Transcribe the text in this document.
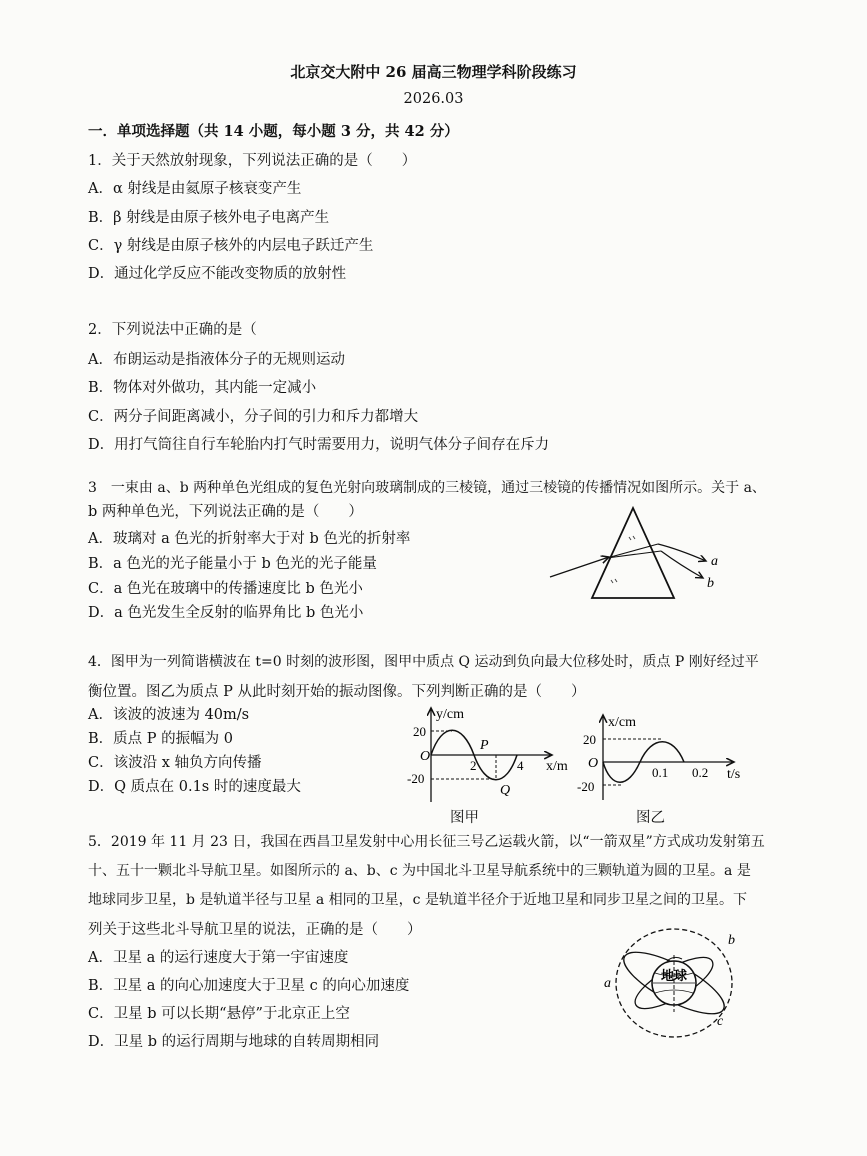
北京交大附中 26 届高三物理学科阶段练习
2026.03
一．单项选择题（共 14 小题，每小题 3 分，共 42 分）
1．关于天然放射现象，下列说法正确的是（　　）
A．α 射线是由氦原子核衰变产生
B．β 射线是由原子核外电子电离产生
C．γ 射线是由原子核外的内层电子跃迁产生
D．通过化学反应不能改变物质的放射性
2．下列说法中正确的是（
A．布朗运动是指液体分子的无规则运动
B．物体对外做功，其内能一定减小
C．两分子间距离减小，分子间的引力和斥力都增大
D．用打气筒往自行车轮胎内打气时需要用力，说明气体分子间存在斥力
3　一束由 a、b 两种单色光组成的复色光射向玻璃制成的三棱镜，通过三棱镜的传播情况如图所示。关于 a、
b 两种单色光，下列说法正确的是（　　）
A．玻璃对 a 色光的折射率大于对 b 色光的折射率
B．a 色光的光子能量小于 b 色光的光子能量
C．a 色光在玻璃中的传播速度比 b 色光小
D．a 色光发生全反射的临界角比 b 色光小
a
b
4．图甲为一列简谐横波在 t=0 时刻的波形图，图甲中质点 Q 运动到负向最大位移处时，质点 P 刚好经过平
衡位置。图乙为质点 P 从此时刻开始的振动图像。下列判断正确的是（　　）
A．该波的波速为 40m/s
B．质点 P 的振幅为 0
C．该波沿 x 轴负方向传播
D．Q 质点在 0.1s 时的速度最大
y/cm
x/m
20
-20
O
2	4
P
Q
图甲
x/cm
t/s
20
-20
O
0.1 0.2
图乙
5．2019 年 11 月 23 日，我国在西昌卫星发射中心用长征三号乙运载火箭，以“一箭双星”方式成功发射第五
十、五十一颗北斗导航卫星。如图所示的 a、b、c 为中国北斗卫星导航系统中的三颗轨道为圆的卫星。a 是
地球同步卫星，b 是轨道半径与卫星 a 相同的卫星，c 是轨道半径介于近地卫星和同步卫星之间的卫星。下
列关于这些北斗导航卫星的说法，正确的是（　　）
A．卫星 a 的运行速度大于第一宇宙速度
B．卫星 a 的向心加速度大于卫星 c 的向心加速度
C．卫星 b 可以长期“悬停”于北京正上空
D．卫星 b 的运行周期与地球的自转周期相同
地球
a
b
c
